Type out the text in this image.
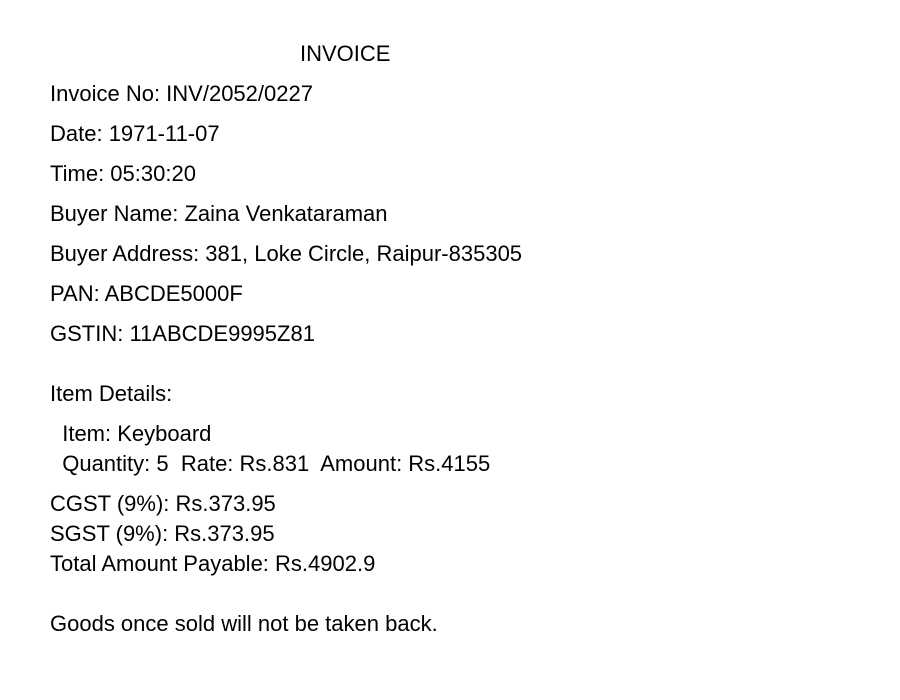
INVOICE
Invoice No: INV/2052/0227
Date: 1971-11-07
Time: 05:30:20
Buyer Name: Zaina Venkataraman
Buyer Address: 381, Loke Circle, Raipur-835305
PAN: ABCDE5000F
GSTIN: 11ABCDE9995Z81
Item Details:
Item: Keyboard
Quantity: 5  Rate: Rs.831  Amount: Rs.4155
CGST (9%): Rs.373.95
SGST (9%): Rs.373.95
Total Amount Payable: Rs.4902.9
Goods once sold will not be taken back.
